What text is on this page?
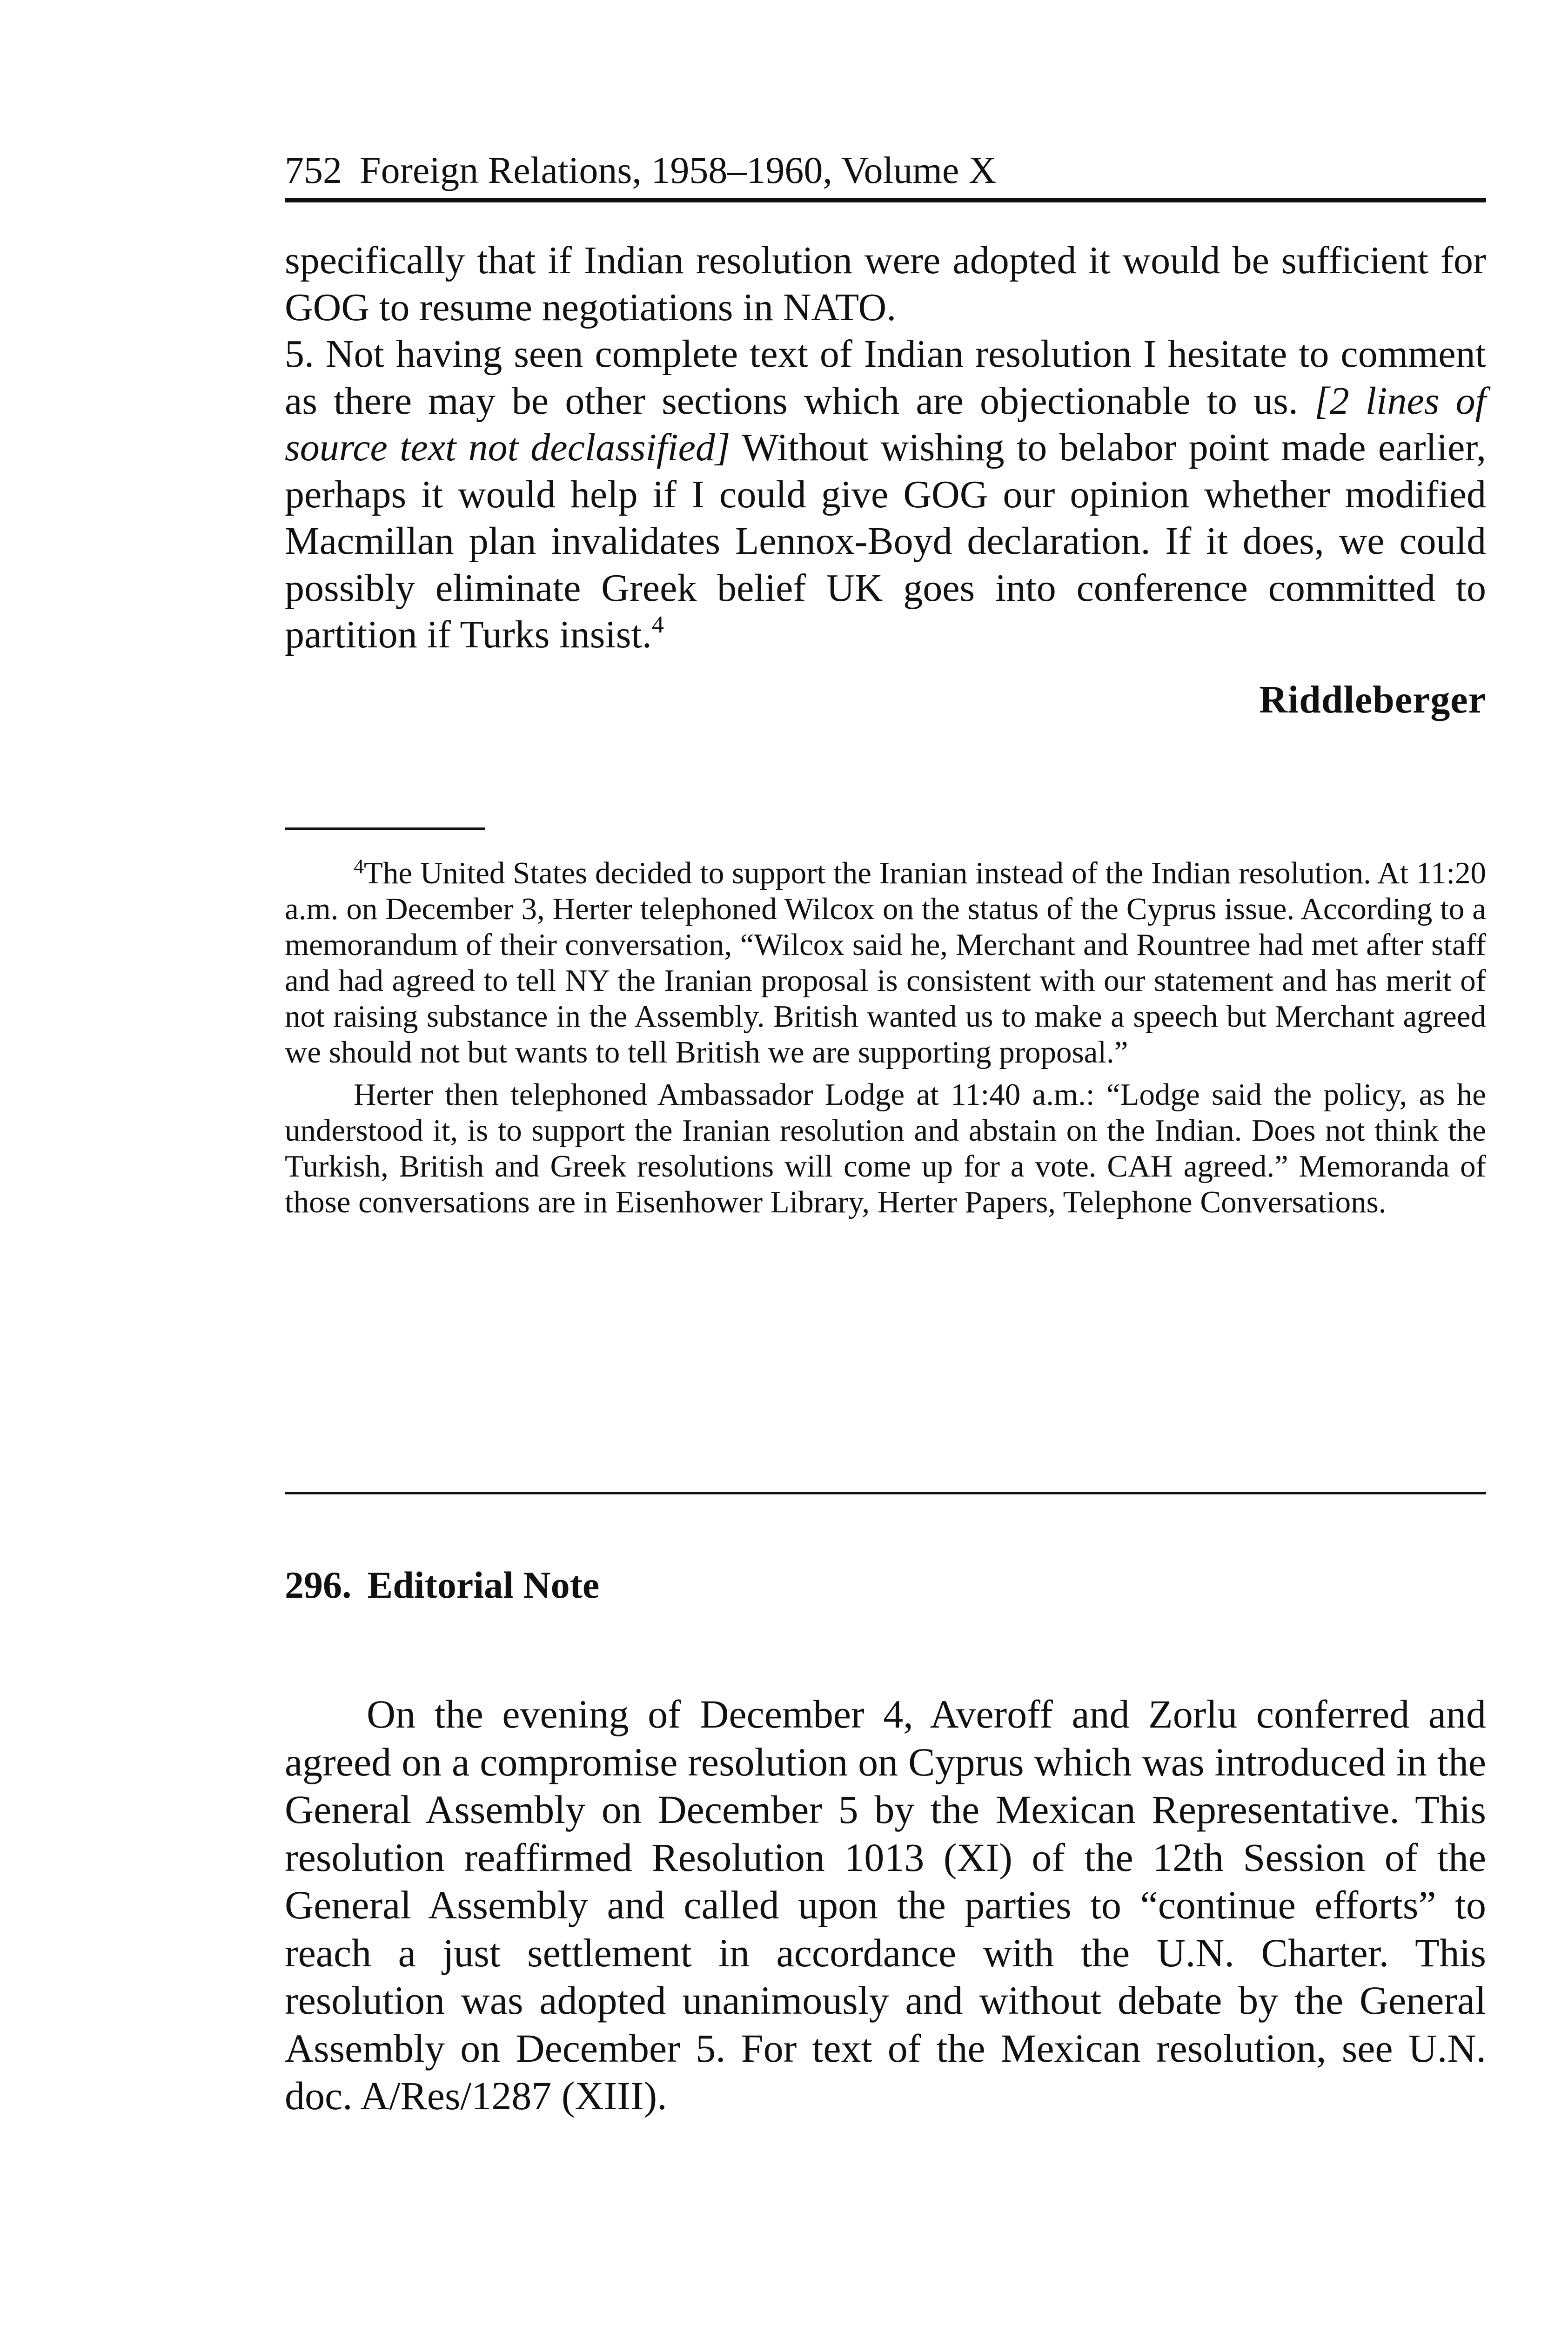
752 Foreign Relations, 1958–1960, Volume X

specifically that if Indian resolution were adopted it would be sufficient for GOG to resume negotiations in NATO.

5. Not having seen complete text of Indian resolution I hesitate to comment as there may be other sections which are objectionable to us. [2 lines of source text not declassified] Without wishing to belabor point made earlier, perhaps it would help if I could give GOG our opinion whether modified Macmillan plan invalidates Lennox-Boyd declaration. If it does, we could possibly eliminate Greek belief UK goes into conference committed to partition if Turks insist.$^4$

Riddleberger

$^4$The United States decided to support the Iranian instead of the Indian resolution. At 11:20 a.m. on December 3, Herter telephoned Wilcox on the status of the Cyprus issue. According to a memorandum of their conversation, “Wilcox said he, Merchant and Rountree had met after staff and had agreed to tell NY the Iranian proposal is consistent with our statement and has merit of not raising substance in the Assembly. British wanted us to make a speech but Merchant agreed we should not but wants to tell British we are supporting proposal.”

Herter then telephoned Ambassador Lodge at 11:40 a.m.: “Lodge said the policy, as he understood it, is to support the Iranian resolution and abstain on the Indian. Does not think the Turkish, British and Greek resolutions will come up for a vote. CAH agreed.” Memoranda of those conversations are in Eisenhower Library, Herter Papers, Telephone Conversations.

296. Editorial Note

On the evening of December 4, Averoff and Zorlu conferred and agreed on a compromise resolution on Cyprus which was introduced in the General Assembly on December 5 by the Mexican Representative. This resolution reaffirmed Resolution 1013 (XI) of the 12th Session of the General Assembly and called upon the parties to “continue efforts” to reach a just settlement in accordance with the U.N. Charter. This resolution was adopted unanimously and without debate by the General Assembly on December 5. For text of the Mexican resolution, see U.N. doc. A/Res/1287 (XIII).
